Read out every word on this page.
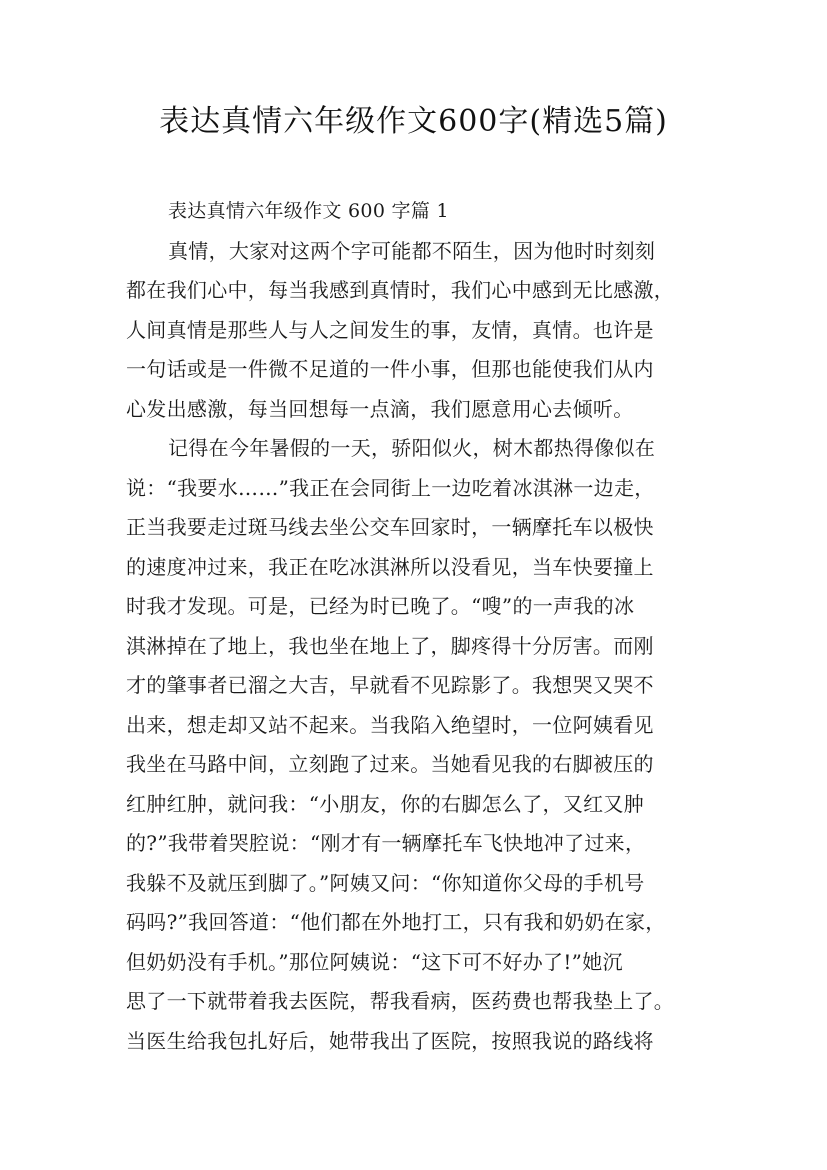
表达真情六年级作文600字(精选5篇)
表达真情六年级作文 600 字篇 1
真情，大家对这两个字可能都不陌生，因为他时时刻刻
都在我们心中，每当我感到真情时，我们心中感到无比感激，
人间真情是那些人与人之间发生的事，友情，真情。也许是
一句话或是一件微不足道的一件小事，但那也能使我们从内
心发出感激，每当回想每一点滴，我们愿意用心去倾听。
记得在今年暑假的一天，骄阳似火，树木都热得像似在
说：“我要水……”我正在会同街上一边吃着冰淇淋一边走，
正当我要走过斑马线去坐公交车回家时，一辆摩托车以极快
的速度冲过来，我正在吃冰淇淋所以没看见，当车快要撞上
时我才发现。可是，已经为时已晚了。“嗖”的一声我的冰
淇淋掉在了地上，我也坐在地上了，脚疼得十分厉害。而刚
才的肇事者已溜之大吉，早就看不见踪影了。我想哭又哭不
出来，想走却又站不起来。当我陷入绝望时，一位阿姨看见
我坐在马路中间，立刻跑了过来。当她看见我的右脚被压的
红肿红肿，就问我：“小朋友，你的右脚怎么了，又红又肿
的?”我带着哭腔说：“刚才有一辆摩托车飞快地冲了过来，
我躲不及就压到脚了。”阿姨又问：“你知道你父母的手机号
码吗?”我回答道：“他们都在外地打工，只有我和奶奶在家，
但奶奶没有手机。”那位阿姨说：“这下可不好办了!”她沉
思了一下就带着我去医院，帮我看病，医药费也帮我垫上了。
当医生给我包扎好后，她带我出了医院，按照我说的路线将
